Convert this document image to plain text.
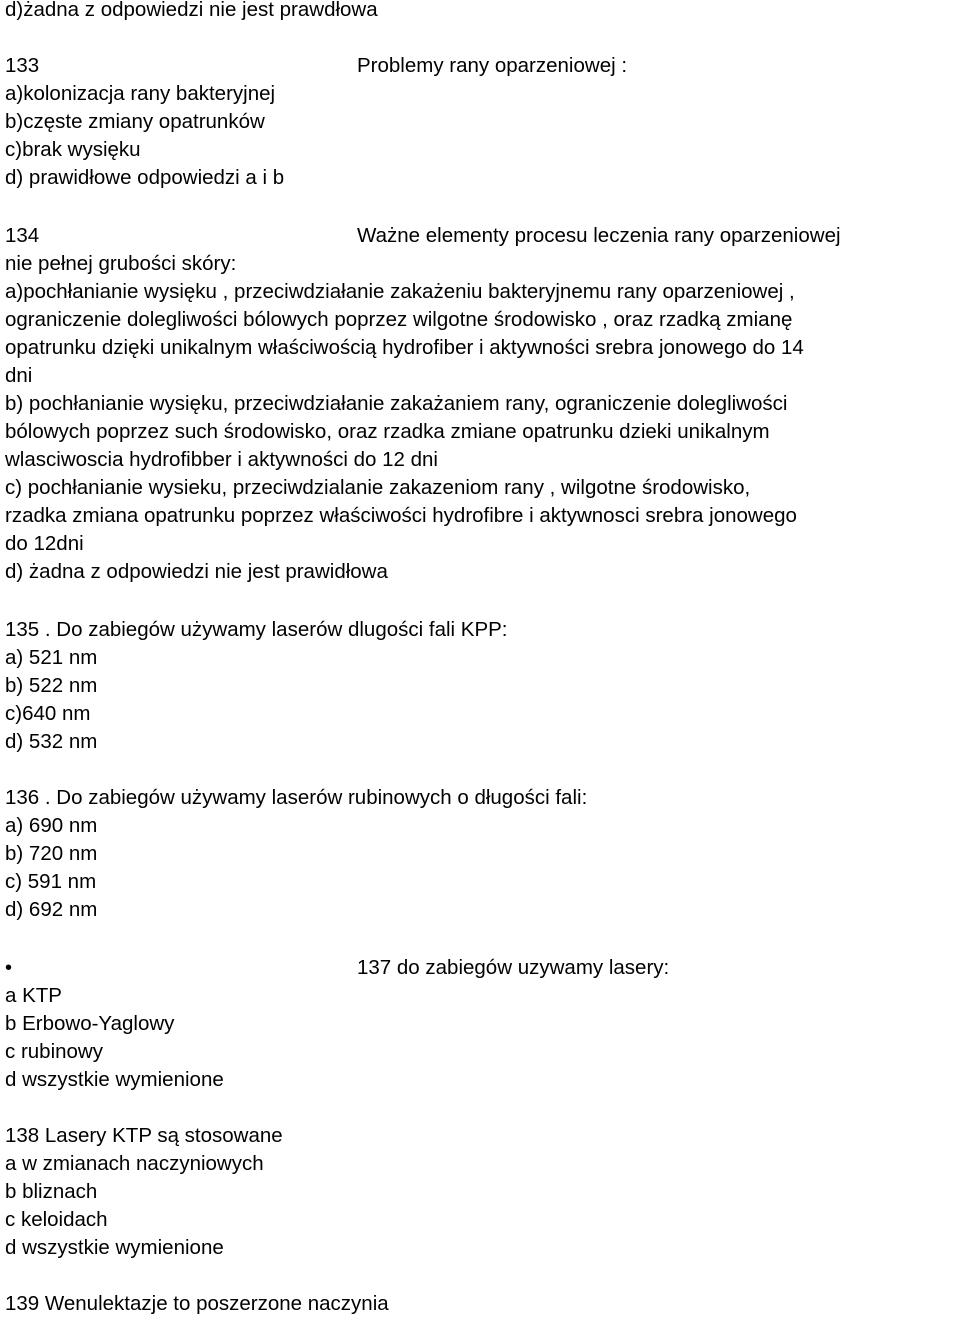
d)żadna z odpowiedzi nie jest prawdłowa

133	Problemy rany oparzeniowej :

a)kolonizacja rany bakteryjnej

b)częste zmiany opatrunków

c)brak wysięku

d) prawidłowe odpowiedzi a i b

134	Ważne elementy procesu leczenia rany oparzeniowej

nie pełnej grubości skóry:

a)pochłanianie wysięku , przeciwdziałanie zakażeniu bakteryjnemu rany oparzeniowej ,

ograniczenie dolegliwości bólowych poprzez wilgotne środowisko , oraz rzadką zmianę

opatrunku dzięki unikalnym właściwością hydrofiber i aktywności srebra jonowego do 14

dni

b) pochłanianie wysięku, przeciwdziałanie zakażaniem rany, ograniczenie dolegliwości

bólowych poprzez such środowisko, oraz rzadka zmiane opatrunku dzieki unikalnym

wlasciwoscia hydrofibber i aktywności do 12 dni

c) pochłanianie wysieku, przeciwdzialanie zakazeniom rany , wilgotne środowisko,

rzadka zmiana opatrunku poprzez właściwości hydrofibre i aktywnosci srebra jonowego

do 12dni

d) żadna z odpowiedzi nie jest prawidłowa

135 . Do zabiegów używamy laserów dlugości fali KPP:

a) 521 nm

b) 522 nm

c)640 nm

d) 532 nm

136 . Do zabiegów używamy laserów rubinowych o długości fali:

a) 690 nm

b) 720 nm

c) 591 nm

d) 692 nm

•	137 do zabiegów uzywamy lasery:

a KTP

b Erbowo-Yaglowy

c rubinowy

d wszystkie wymienione

138 Lasery KTP są stosowane

a w zmianach naczyniowych

b bliznach

c keloidach

d wszystkie wymienione

139 Wenulektazje to poszerzone naczynia
